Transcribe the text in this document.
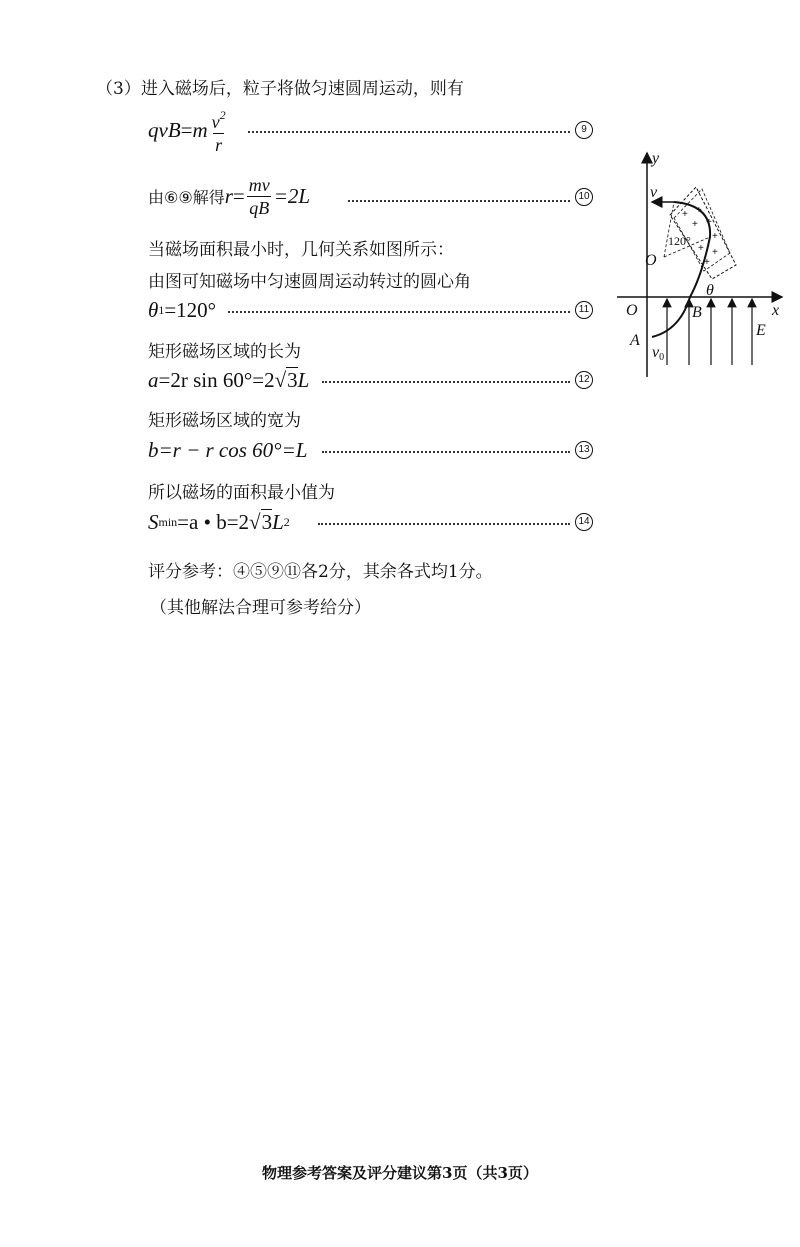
（3）进入磁场后，粒子将做匀速圆周运动，则有
qvB = m $\frac{v^2}{r}$	9
由⑥⑨解得 $r = \frac{mv}{qB} =2L$	10
当磁场面积最小时，几何关系如图所示：
由图可知磁场中匀速圆周运动转过的圆心角
θ 1 =120°	11
矩形磁场区域的长为
a =2r sin 60°=2 √ 3 L	12
矩形磁场区域的宽为
b=r − r cos 60°=L	13
所以磁场的面积最小值为
S min =a • b=2 √ 3 L 2	14
评分参考：④⑤⑨⑪各2分，其余各式均1分。
（其他解法合理可参考给分）
+ +
+ +
+
+ +
+
y
x
v
O
O
θ
B
A
E
v0
120°
物理参考答案及评分建议第3页（共3页）
